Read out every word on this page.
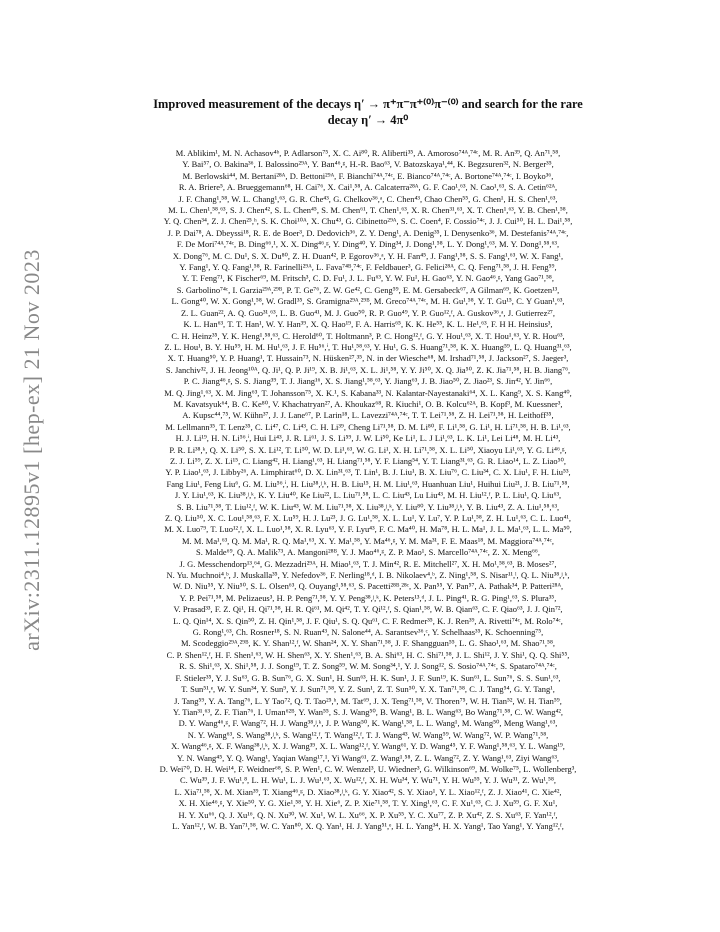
arXiv:2311.12895v1 [hep-ex] 21 Nov 2023
Improved measurement of the decays η′ → π⁺π⁻π⁺⁽⁰⁾π⁻⁽⁰⁾ and search for the rare
decay η′ → 4π⁰
M. Ablikim¹, M. N. Achasov⁴ᵇ, P. Adlarson⁷⁵, X. C. Ai⁸⁰, R. Aliberti³⁵, A. Amoroso⁷⁴ᴬ,⁷⁴ᶜ, M. R. An³⁹, Q. An⁷¹,⁵⁸,
Y. Bai⁵⁷, O. Bakina³⁶, I. Balossino²⁹ᴬ, Y. Ban⁴⁶,ᵍ, H.-R. Bao⁶³, V. Batozskaya¹,⁴⁴, K. Begzsuren³², N. Berger³⁵,
M. Berlowski⁴⁴, M. Bertani²⁸ᴬ, D. Bettoni²⁹ᴬ, F. Bianchi⁷⁴ᴬ,⁷⁴ᶜ, E. Bianco⁷⁴ᴬ,⁷⁴ᶜ, A. Bortone⁷⁴ᴬ,⁷⁴ᶜ, I. Boyko³⁶,
R. A. Briere⁵, A. Brueggemann⁶⁸, H. Cai⁷⁶, X. Cai¹,⁵⁸, A. Calcaterra²⁸ᴬ, G. F. Cao¹,⁶³, N. Cao¹,⁶³, S. A. Cetin⁶²ᴬ,
J. F. Chang¹,⁵⁸, W. L. Chang¹,⁶³, G. R. Che⁴³, G. Chelkov³⁶,ᵃ, C. Chen⁴³, Chao Chen⁵⁵, G. Chen¹, H. S. Chen¹,⁶³,
M. L. Chen¹,⁵⁸,⁶³, S. J. Chen⁴², S. L. Chen⁴⁵, S. M. Chen⁶¹, T. Chen¹,⁶³, X. R. Chen³¹,⁶³, X. T. Chen¹,⁶³, Y. B. Chen¹,⁵⁸,
Y. Q. Chen³⁴, Z. J. Chen²⁵,ʰ, S. K. Choi¹⁰ᴬ, X. Chu⁴³, G. Cibinetto²⁹ᴬ, S. C. Coen⁴, F. Cossio⁷⁴ᶜ, J. J. Cui⁵⁰, H. L. Dai¹,⁵⁸,
J. P. Dai⁷⁸, A. Dbeyssi¹⁸, R. E. de Boer³, D. Dedovich³⁶, Z. Y. Deng¹, A. Denig³⁵, I. Denysenko³⁶, M. Destefanis⁷⁴ᴬ,⁷⁴ᶜ,
F. De Mori⁷⁴ᴬ,⁷⁴ᶜ, B. Ding⁶⁶,¹, X. X. Ding⁴⁶,ᵍ, Y. Ding⁴⁰, Y. Ding³⁴, J. Dong¹,⁵⁸, L. Y. Dong¹,⁶³, M. Y. Dong¹,⁵⁸,⁶³,
X. Dong⁷⁶, M. C. Du¹, S. X. Du⁸⁰, Z. H. Duan⁴², P. Egorov³⁶,ᵃ, Y. H. Fan⁴⁵, J. Fang¹,⁵⁸, S. S. Fang¹,⁶³, W. X. Fang¹,
Y. Fang¹, Y. Q. Fang¹,⁵⁸, R. Farinelli²⁹ᴬ, L. Fava⁷⁴ᴮ,⁷⁴ᶜ, F. Feldbauer³, G. Felici²⁸ᴬ, C. Q. Feng⁷¹,⁵⁸, J. H. Feng⁵⁹,
Y. T. Feng⁷¹, K Fischer⁶⁹, M. Fritsch³, C. D. Fu¹, J. L. Fu⁶³, Y. W. Fu¹, H. Gao⁶³, Y. N. Gao⁴⁶,ᵍ, Yang Gao⁷¹,⁵⁸,
S. Garbolino⁷⁴ᶜ, I. Garzia²⁹ᴬ,²⁹ᴮ, P. T. Ge⁷⁶, Z. W. Ge⁴², C. Geng⁵⁹, E. M. Gersabeck⁶⁷, A Gilman⁶⁹, K. Goetzen¹³,
L. Gong⁴⁰, W. X. Gong¹,⁵⁸, W. Gradl³⁵, S. Gramigna²⁹ᴬ,²⁹ᴮ, M. Greco⁷⁴ᴬ,⁷⁴ᶜ, M. H. Gu¹,⁵⁸, Y. T. Gu¹⁵, C. Y Guan¹,⁶³,
Z. L. Guan²², A. Q. Guo³¹,⁶³, L. B. Guo⁴¹, M. J. Guo⁵⁰, R. P. Guo⁴⁹, Y. P. Guo¹²,ᶠ, A. Guskov³⁶,ᵃ, J. Gutierrez²⁷,
K. L. Han⁶³, T. T. Han¹, W. Y. Han³⁹, X. Q. Hao¹⁹, F. A. Harris⁶⁵, K. K. He⁵⁵, K. L. He¹,⁶³, F. H H. Heinsius³,
C. H. Heinz³⁵, Y. K. Heng¹,⁵⁸,⁶³, C. Herold⁶⁰, T. Holtmann³, P. C. Hong¹²,ᶠ, G. Y. Hou¹,⁶³, X. T. Hou¹,⁶³, Y. R. Hou⁶³,
Z. L. Hou¹, B. Y. Hu⁵⁹, H. M. Hu¹,⁶³, J. F. Hu⁵⁶,ⁱ, T. Hu¹,⁵⁸,⁶³, Y. Hu¹, G. S. Huang⁷¹,⁵⁸, K. X. Huang⁵⁹, L. Q. Huang³¹,⁶³,
X. T. Huang⁵⁰, Y. P. Huang¹, T. Hussain⁷³, N. Hüsken²⁷,³⁵, N. in der Wiesche⁶⁸, M. Irshad⁷¹,⁵⁸, J. Jackson²⁷, S. Jaeger³,
S. Janchiv³², J. H. Jeong¹⁰ᴬ, Q. Ji¹, Q. P. Ji¹⁹, X. B. Ji¹,⁶³, X. L. Ji¹,⁵⁸, Y. Y. Ji⁵⁰, X. Q. Jia⁵⁰, Z. K. Jia⁷¹,⁵⁸, H. B. Jiang⁷⁶,
P. C. Jiang⁴⁶,ᵍ, S. S. Jiang³⁹, T. J. Jiang¹⁶, X. S. Jiang¹,⁵⁸,⁶³, Y. Jiang⁶³, J. B. Jiao⁵⁰, Z. Jiao²³, S. Jin⁴², Y. Jin⁶⁶,
M. Q. Jing¹,⁶³, X. M. Jing⁶³, T. Johansson⁷⁵, X. K.¹, S. Kabana³³, N. Kalantar-Nayestanaki⁶⁴, X. L. Kang⁹, X. S. Kang⁴⁰,
M. Kavatsyuk⁶⁴, B. C. Ke⁸⁰, V. Khachatryan²⁷, A. Khoukaz⁶⁸, R. Kiuchi¹, O. B. Kolcu⁶²ᴬ, B. Kopf³, M. Kuessner³,
A. Kupsc⁴⁴,⁷⁵, W. Kühn³⁷, J. J. Lane⁶⁷, P. Larin¹⁸, L. Lavezzi⁷⁴ᴬ,⁷⁴ᶜ, T. T. Lei⁷¹,⁵⁸, Z. H. Lei⁷¹,⁵⁸, H. Leithoff³⁵,
M. Lellmann³⁵, T. Lenz³⁵, C. Li⁴⁷, C. Li⁴³, C. H. Li³⁹, Cheng Li⁷¹,⁵⁸, D. M. Li⁸⁰, F. Li¹,⁵⁸, G. Li¹, H. Li⁷¹,⁵⁸, H. B. Li¹,⁶³,
H. J. Li¹⁹, H. N. Li⁵⁶,ⁱ, Hui Li⁴³, J. R. Li⁶¹, J. S. Li⁵⁹, J. W. Li⁵⁰, Ke Li¹, L. J Li¹,⁶³, L. K. Li¹, Lei Li⁴⁸, M. H. Li⁴³,
P. R. Li³⁸,ᵏ, Q. X. Li⁵⁰, S. X. Li¹², T. Li⁵⁰, W. D. Li¹,⁶³, W. G. Li¹, X. H. Li⁷¹,⁵⁸, X. L. Li⁵⁰, Xiaoyu Li¹,⁶³, Y. G. Li⁴⁶,ᵍ,
Z. J. Li⁵⁹, Z. X. Li¹⁵, C. Liang⁴², H. Liang¹,⁶³, H. Liang⁷¹,⁵⁸, Y. F. Liang⁵⁴, Y. T. Liang³¹,⁶³, G. R. Liao¹⁴, L. Z. Liao⁵⁰,
Y. P. Liao¹,⁶³, J. Libby²⁶, A. Limphirat⁶⁰, D. X. Lin³¹,⁶³, T. Lin¹, B. J. Liu¹, B. X. Liu⁷⁶, C. Liu³⁴, C. X. Liu¹, F. H. Liu⁵³,
Fang Liu¹, Feng Liu⁶, G. M. Liu⁵⁶,ⁱ, H. Liu³⁸,ʲ,ᵏ, H. B. Liu¹⁵, H. M. Liu¹,⁶³, Huanhuan Liu¹, Huihui Liu²¹, J. B. Liu⁷¹,⁵⁸,
J. Y. Liu¹,⁶³, K. Liu³⁸,ʲ,ᵏ, K. Y. Liu⁴⁰, Ke Liu²², L. Liu⁷¹,⁵⁸, L. C. Liu⁴³, Lu Liu⁴³, M. H. Liu¹²,ᶠ, P. L. Liu¹, Q. Liu⁶³,
S. B. Liu⁷¹,⁵⁸, T. Liu¹²,ᶠ, W. K. Liu⁴³, W. M. Liu⁷¹,⁵⁸, X. Liu³⁸,ʲ,ᵏ, Y. Liu⁸⁰, Y. Liu³⁸,ʲ,ᵏ, Y. B. Liu⁴³, Z. A. Liu¹,⁵⁸,⁶³,
Z. Q. Liu⁵⁰, X. C. Lou¹,⁵⁸,⁶³, F. X. Lu⁵⁹, H. J. Lu²³, J. G. Lu¹,⁵⁸, X. L. Lu¹, Y. Lu⁷, Y. P. Lu¹,⁵⁸, Z. H. Lu¹,⁶³, C. L. Luo⁴¹,
M. X. Luo⁷⁹, T. Luo¹²,ᶠ, X. L. Luo¹,⁵⁸, X. R. Lyu⁶³, Y. F. Lyu⁴³, F. C. Ma⁴⁰, H. Ma⁷⁸, H. L. Ma¹, J. L. Ma¹,⁶³, L. L. Ma⁵⁰,
M. M. Ma¹,⁶³, Q. M. Ma¹, R. Q. Ma¹,⁶³, X. Y. Ma¹,⁵⁸, Y. Ma⁴⁶,ᵍ, Y. M. Ma³¹, F. E. Maas¹⁸, M. Maggiora⁷⁴ᴬ,⁷⁴ᶜ,
S. Malde⁶⁹, Q. A. Malik⁷³, A. Mangoni²⁸ᴮ, Y. J. Mao⁴⁶,ᵍ, Z. P. Mao¹, S. Marcello⁷⁴ᴬ,⁷⁴ᶜ, Z. X. Meng⁶⁶,
J. G. Messchendorp¹³,⁶⁴, G. Mezzadri²⁹ᴬ, H. Miao¹,⁶³, T. J. Min⁴², R. E. Mitchell²⁷, X. H. Mo¹,⁵⁸,⁶³, B. Moses²⁷,
N. Yu. Muchnoi⁴,ᵇ, J. Muskalla³⁵, Y. Nefedov³⁶, F. Nerling¹⁸,ᵈ, I. B. Nikolaev⁴,ᵇ, Z. Ning¹,⁵⁸, S. Nisar¹¹,ˡ, Q. L. Niu³⁸,ʲ,ᵏ,
W. D. Niu⁵⁵, Y. Niu⁵⁰, S. L. Olsen⁶³, Q. Ouyang¹,⁵⁸,⁶³, S. Pacetti²⁸ᴮ,²⁸ᶜ, X. Pan⁵⁵, Y. Pan⁵⁷, A. Pathak³⁴, P. Patteri²⁸ᴬ,
Y. P. Pei⁷¹,⁵⁸, M. Pelizaeus³, H. P. Peng⁷¹,⁵⁸, Y. Y. Peng³⁸,ʲ,ᵏ, K. Peters¹³,ᵈ, J. L. Ping⁴¹, R. G. Ping¹,⁶³, S. Plura³⁵,
V. Prasad³³, F. Z. Qi¹, H. Qi⁷¹,⁵⁸, H. R. Qi⁶¹, M. Qi⁴², T. Y. Qi¹²,ᶠ, S. Qian¹,⁵⁸, W. B. Qian⁶³, C. F. Qiao⁶³, J. J. Qin⁷²,
L. Q. Qin¹⁴, X. S. Qin⁵⁰, Z. H. Qin¹,⁵⁸, J. F. Qiu¹, S. Q. Qu⁶¹, C. F. Redmer³⁵, K. J. Ren³⁹, A. Rivetti⁷⁴ᶜ, M. Rolo⁷⁴ᶜ,
G. Rong¹,⁶³, Ch. Rosner¹⁸, S. N. Ruan⁴³, N. Salone⁴⁴, A. Sarantsev³⁶,ᶜ, Y. Schelhaas³⁵, K. Schoenning⁷⁵,
M. Scodeggio²⁹ᴬ,²⁹ᴮ, K. Y. Shan¹²,ᶠ, W. Shan²⁴, X. Y. Shan⁷¹,⁵⁸, J. F. Shangguan⁵⁵, L. G. Shao¹,⁶³, M. Shao⁷¹,⁵⁸,
C. P. Shen¹²,ᶠ, H. F. Shen¹,⁶³, W. H. Shen⁶³, X. Y. Shen¹,⁶³, B. A. Shi⁶³, H. C. Shi⁷¹,⁵⁸, J. L. Shi¹², J. Y. Shi¹, Q. Q. Shi⁵⁵,
R. S. Shi¹,⁶³, X. Shi¹,⁵⁸, J. J. Song¹⁹, T. Z. Song⁵⁹, W. M. Song³⁴,¹, Y. J. Song¹², S. Sosio⁷⁴ᴬ,⁷⁴ᶜ, S. Spataro⁷⁴ᴬ,⁷⁴ᶜ,
F. Stieler³⁵, Y. J. Su⁶³, G. B. Sun⁷⁶, G. X. Sun¹, H. Sun⁶³, H. K. Sun¹, J. F. Sun¹⁹, K. Sun⁶¹, L. Sun⁷⁶, S. S. Sun¹,⁶³,
T. Sun⁵¹,ᵉ, W. Y. Sun³⁴, Y. Sun⁹, Y. J. Sun⁷¹,⁵⁸, Y. Z. Sun¹, Z. T. Sun⁵⁰, Y. X. Tan⁷¹,⁵⁸, C. J. Tang⁵⁴, G. Y. Tang¹,
J. Tang⁵⁹, Y. A. Tang⁷⁶, L. Y Tao⁷², Q. T. Tao²⁵,ʰ, M. Tat⁶⁹, J. X. Teng⁷¹,⁵⁸, V. Thoren⁷⁵, W. H. Tian⁵², W. H. Tian⁵⁹,
Y. Tian³¹,⁶³, Z. F. Tian⁷⁶, I. Uman⁶²ᴮ, Y. Wan⁵⁵, S. J. Wang⁵⁰, B. Wang¹, B. L. Wang⁶³, Bo Wang⁷¹,⁵⁸, C. W. Wang⁴²,
D. Y. Wang⁴⁶,ᵍ, F. Wang⁷², H. J. Wang³⁸,ʲ,ᵏ, J. P. Wang⁵⁰, K. Wang¹,⁵⁸, L. L. Wang¹, M. Wang⁵⁰, Meng Wang¹,⁶³,
N. Y. Wang⁶³, S. Wang³⁸,ʲ,ᵏ, S. Wang¹²,ᶠ, T. Wang¹²,ᶠ, T. J. Wang⁴³, W. Wang⁵⁹, W. Wang⁷², W. P. Wang⁷¹,⁵⁸,
X. Wang⁴⁶,ᵍ, X. F. Wang³⁸,ʲ,ᵏ, X. J. Wang³⁹, X. L. Wang¹²,ᶠ, Y. Wang⁶¹, Y. D. Wang⁴⁵, Y. F. Wang¹,⁵⁸,⁶³, Y. L. Wang¹⁹,
Y. N. Wang⁴⁵, Y. Q. Wang¹, Yaqian Wang¹⁷,¹, Yi Wang⁶¹, Z. Wang¹,⁵⁸, Z. L. Wang⁷², Z. Y. Wang¹,⁶³, Ziyi Wang⁶³,
D. Wei⁷⁰, D. H. Wei¹⁴, F. Weidner⁶⁸, S. P. Wen¹, C. W. Wenzel³, U. Wiedner³, G. Wilkinson⁶⁹, M. Wolke⁷⁵, L. Wollenberg³,
C. Wu³⁹, J. F. Wu¹,⁸, L. H. Wu¹, L. J. Wu¹,⁶³, X. Wu¹²,ᶠ, X. H. Wu³⁴, Y. Wu⁷¹, Y. H. Wu⁵⁵, Y. J. Wu³¹, Z. Wu¹,⁵⁸,
L. Xia⁷¹,⁵⁸, X. M. Xian³⁹, T. Xiang⁴⁶,ᵍ, D. Xiao³⁸,ʲ,ᵏ, G. Y. Xiao⁴², S. Y. Xiao¹, Y. L. Xiao¹²,ᶠ, Z. J. Xiao⁴¹, C. Xie⁴²,
X. H. Xie⁴⁶,ᵍ, Y. Xie⁵⁰, Y. G. Xie¹,⁵⁸, Y. H. Xie⁶, Z. P. Xie⁷¹,⁵⁸, T. Y. Xing¹,⁶³, C. F. Xu¹,⁶³, C. J. Xu⁵⁹, G. F. Xu¹,
H. Y. Xu⁶⁶, Q. J. Xu¹⁶, Q. N. Xu³⁰, W. Xu¹, W. L. Xu⁶⁶, X. P. Xu⁵⁵, Y. C. Xu⁷⁷, Z. P. Xu⁴², Z. S. Xu⁶³, F. Yan¹²,ᶠ,
L. Yan¹²,ᶠ, W. B. Yan⁷¹,⁵⁸, W. C. Yan⁸⁰, X. Q. Yan¹, H. J. Yang⁵¹,ᵉ, H. L. Yang³⁴, H. X. Yang¹, Tao Yang¹, Y. Yang¹²,ᶠ,
